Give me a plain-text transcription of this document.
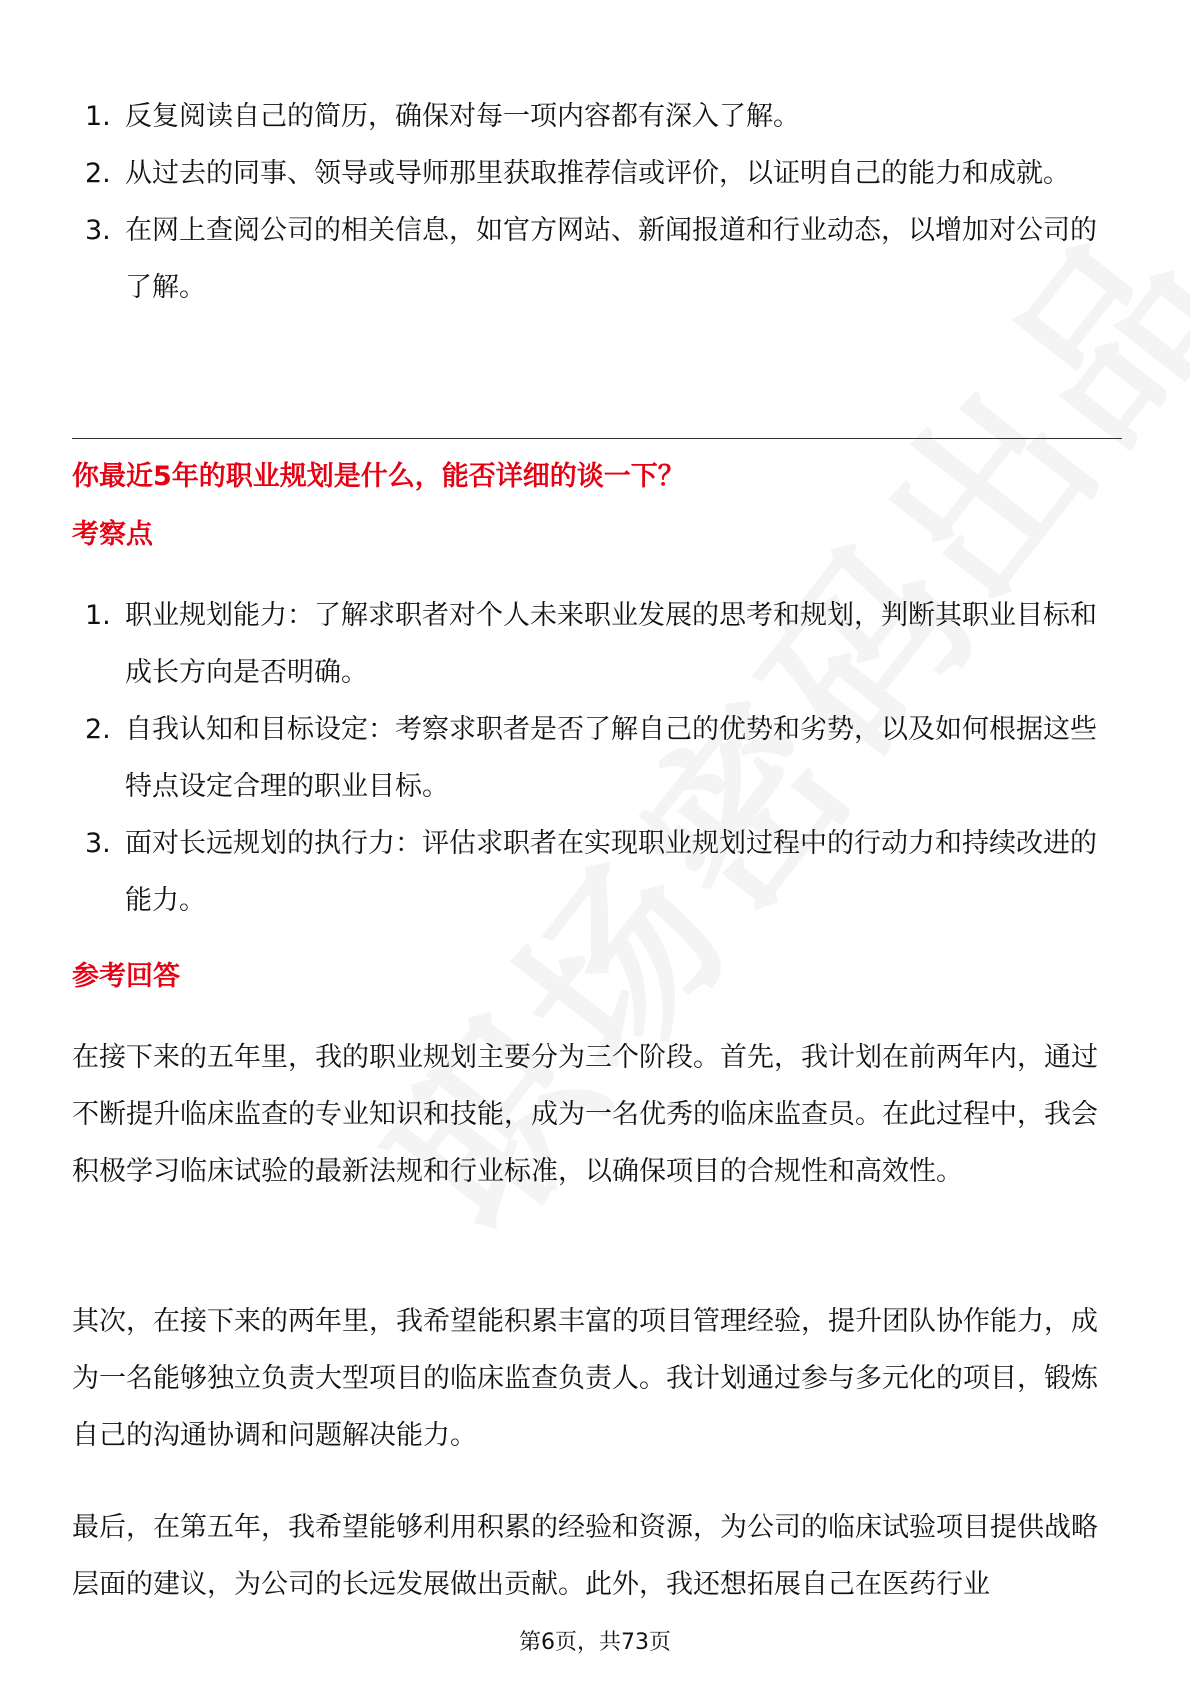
1. 反复阅读自己的简历，确保对每一项内容都有深入了解。
2. 从过去的同事、领导或导师那里获取推荐信或评价，以证明自己的能力和成就。
3. 在网上查阅公司的相关信息，如官方网站、新闻报道和行业动态，以增加对公司的了解。
你最近5年的职业规划是什么，能否详细的谈一下？
考察点
1. 职业规划能力：了解求职者对个人未来职业发展的思考和规划，判断其职业目标和成长方向是否明确。
2. 自我认知和目标设定：考察求职者是否了解自己的优势和劣势，以及如何根据这些特点设定合理的职业目标。
3. 面对长远规划的执行力：评估求职者在实现职业规划过程中的行动力和持续改进的能力。
参考回答

在接下来的五年里，我的职业规划主要分为三个阶段。首先，我计划在前两年内，通过不断提升临床监查的专业知识和技能，成为一名优秀的临床监查员。在此过程中，我会积极学习临床试验的最新法规和行业标准，以确保项目的合规性和高效性。

其次，在接下来的两年里，我希望能积累丰富的项目管理经验，提升团队协作能力，成为一名能够独立负责大型项目的临床监查负责人。我计划通过参与多元化的项目，锻炼自己的沟通协调和问题解决能力。

最后，在第五年，我希望能够利用积累的经验和资源，为公司的临床试验项目提供战略层面的建议，为公司的长远发展做出贡献。此外，我还想拓展自己在医药行业

第6页，共73页
